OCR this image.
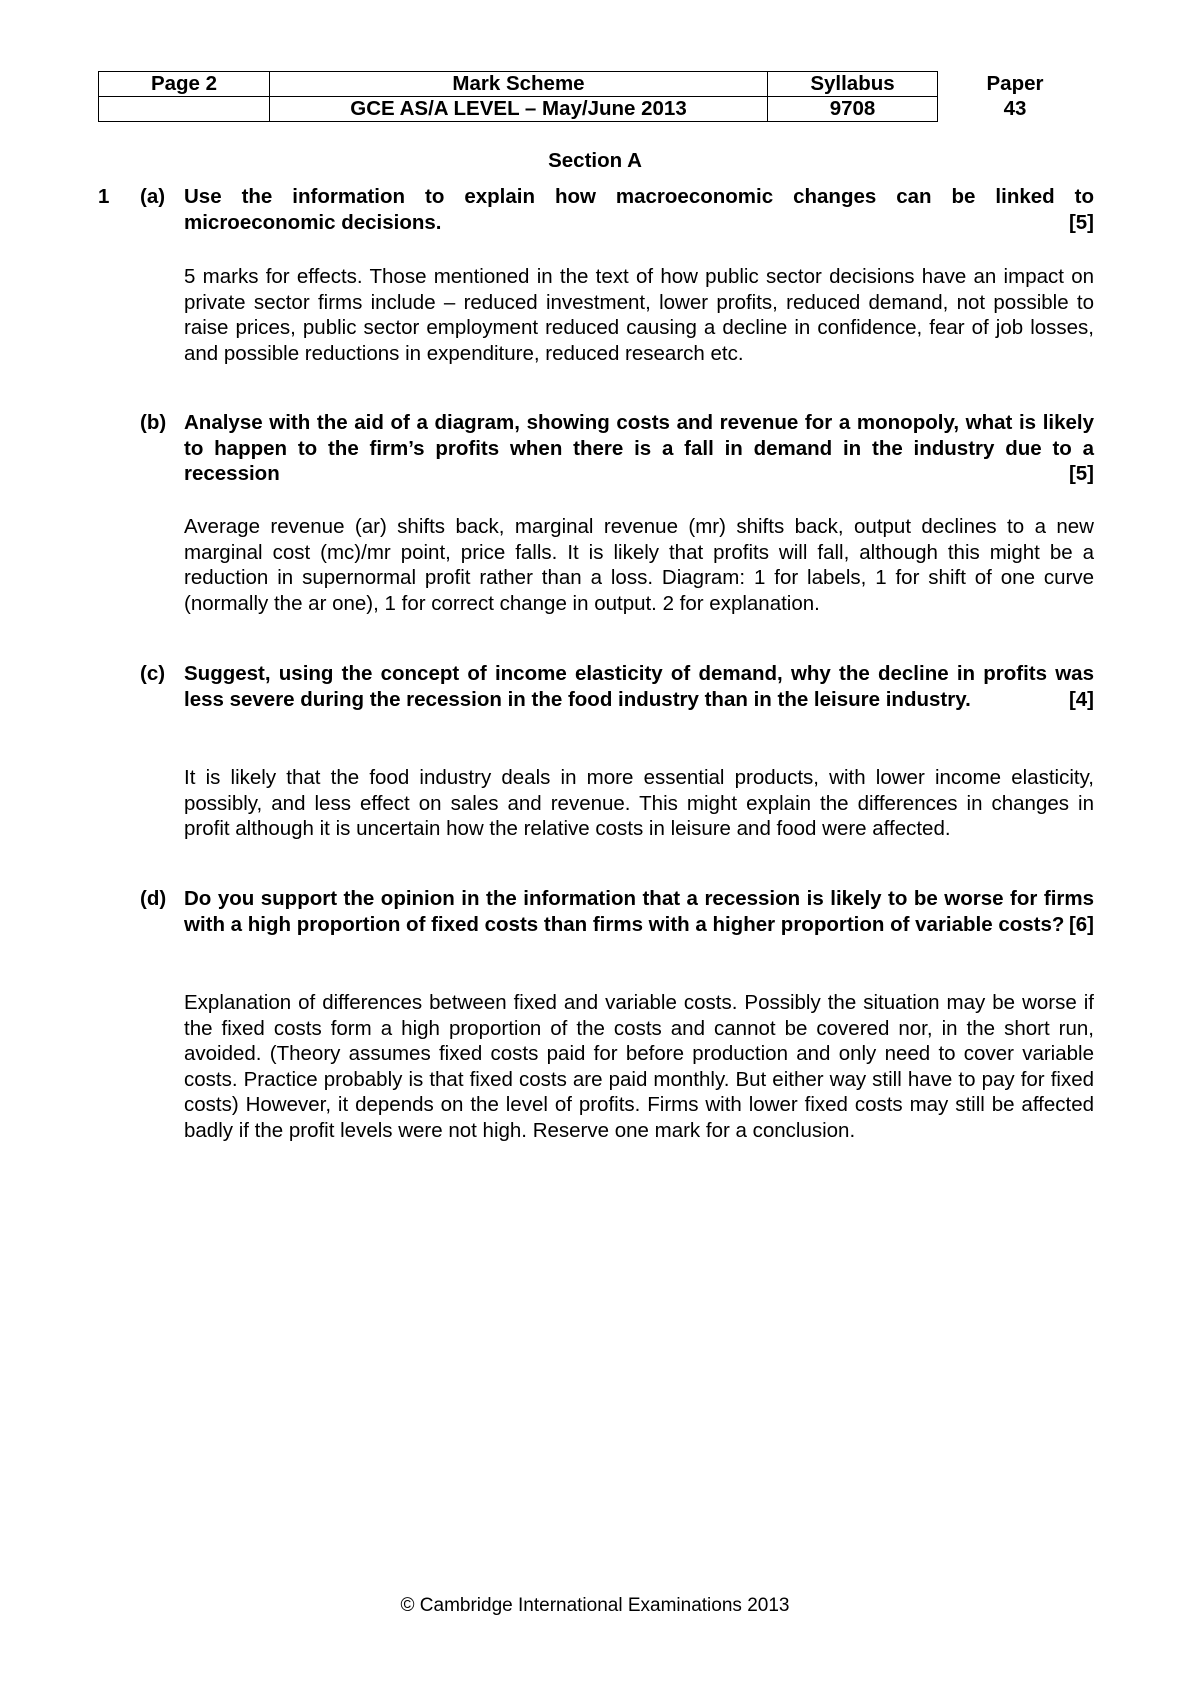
Page 2	Mark Scheme	Syllabus	Paper
	GCE AS/A LEVEL – May/June 2013	9708	43
Section A
1 (a) Use the information to explain how macroeconomic changes can be linked to microeconomic decisions.	[5]
5 marks for effects. Those mentioned in the text of how public sector decisions have an impact on private sector firms include – reduced investment, lower profits, reduced demand, not possible to raise prices, public sector employment reduced causing a decline in confidence, fear of job losses, and possible reductions in expenditure, reduced research etc.
(b) Analyse with the aid of a diagram, showing costs and revenue for a monopoly, what is likely to happen to the firm’s profits when there is a fall in demand in the industry due to a recession	[5]
Average revenue (ar) shifts back, marginal revenue (mr) shifts back, output declines to a new marginal cost (mc)/mr point, price falls. It is likely that profits will fall, although this might be a reduction in supernormal profit rather than a loss. Diagram: 1 for labels, 1 for shift of one curve (normally the ar one), 1 for correct change in output. 2 for explanation.
(c) Suggest, using the concept of income elasticity of demand, why the decline in profits was less severe during the recession in the food industry than in the leisure industry.	[4]
It is likely that the food industry deals in more essential products, with lower income elasticity, possibly, and less effect on sales and revenue. This might explain the differences in changes in profit although it is uncertain how the relative costs in leisure and food were affected.
(d) Do you support the opinion in the information that a recession is likely to be worse for firms with a high proportion of fixed costs than firms with a higher proportion of variable costs? [6]
Explanation of differences between fixed and variable costs. Possibly the situation may be worse if the fixed costs form a high proportion of the costs and cannot be covered nor, in the short run, avoided. (Theory assumes fixed costs paid for before production and only need to cover variable costs. Practice probably is that fixed costs are paid monthly. But either way still have to pay for fixed costs) However, it depends on the level of profits. Firms with lower fixed costs may still be affected badly if the profit levels were not high. Reserve one mark for a conclusion.
© Cambridge International Examinations 2013
